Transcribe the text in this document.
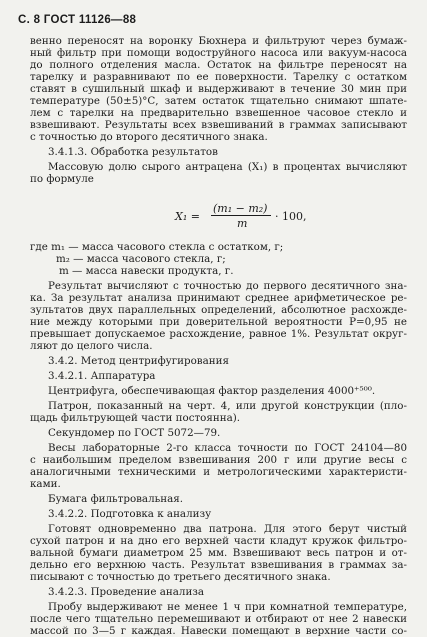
С. 8 ГОСТ 11126—88
венно переносят на воронку Бюхнера и фильтруют через бумаж-
ный фильтр при помощи водоструйного насоса или вакуум-насоса
до полного отделения масла. Остаток на фильтре переносят на
тарелку и разравнивают по ее поверхности. Тарелку с остатком
ставят в сушильный шкаф и выдерживают в течение 30 мин при
температуре (50±5)°С, затем остаток тщательно снимают шпате-
лем с тарелки на предварительно взвешенное часовое стекло и
взвешивают. Результаты всех взвешиваний в граммах записывают
с точностью до второго десятичного знака.
3.4.1.3. Обработка результатов
Массовую долю сырого антрацена (X₁) в процентах вычисляют
по формуле
где m₁ — масса часового стекла с остатком, г;
m₂ — масса часового стекла, г;
m — масса навески продукта, г.
Результат вычисляют с точностью до первого десятичного зна-
ка. За результат анализа принимают среднее арифметическое ре-
зультатов двух параллельных определений, абсолютное расхожде-
ние между которыми при доверительной вероятности P=0,95 не
превышает допускаемое расхождение, равное 1%. Результат округ-
ляют до целого числа.
3.4.2. Метод центрифугирования
3.4.2.1. Аппаратура
Центрифуга, обеспечивающая фактор разделения 4000⁺⁵⁰⁰.
Патрон, показанный на черт. 4, или другой конструкции (пло-
щадь фильтрующей части постоянна).
Секундомер по ГОСТ 5072—79.
Весы лабораторные 2-го класса точности по ГОСТ 24104—80
с наибольшим пределом взвешивания 200 г или другие весы с
аналогичными техническими и метрологическими характеристи-
ками.
Бумага фильтровальная.
3.4.2.2. Подготовка к анализу
Готовят одновременно два патрона. Для этого берут чистый
сухой патрон и на дно его верхней части кладут кружок фильтро-
вальной бумаги диаметром 25 мм. Взвешивают весь патрон и от-
дельно его верхнюю часть. Результат взвешивания в граммах за-
писывают с точностью до третьего десятичного знака.
3.4.2.3. Проведение анализа
Пробу выдерживают не менее 1 ч при комнатной температуре,
после чего тщательно перемешивают и отбирают от нее 2 навески
массой по 3—5 г каждая. Навески помещают в верхние части со-
X₁ =
(m₁ − m₂)
m
· 100,
